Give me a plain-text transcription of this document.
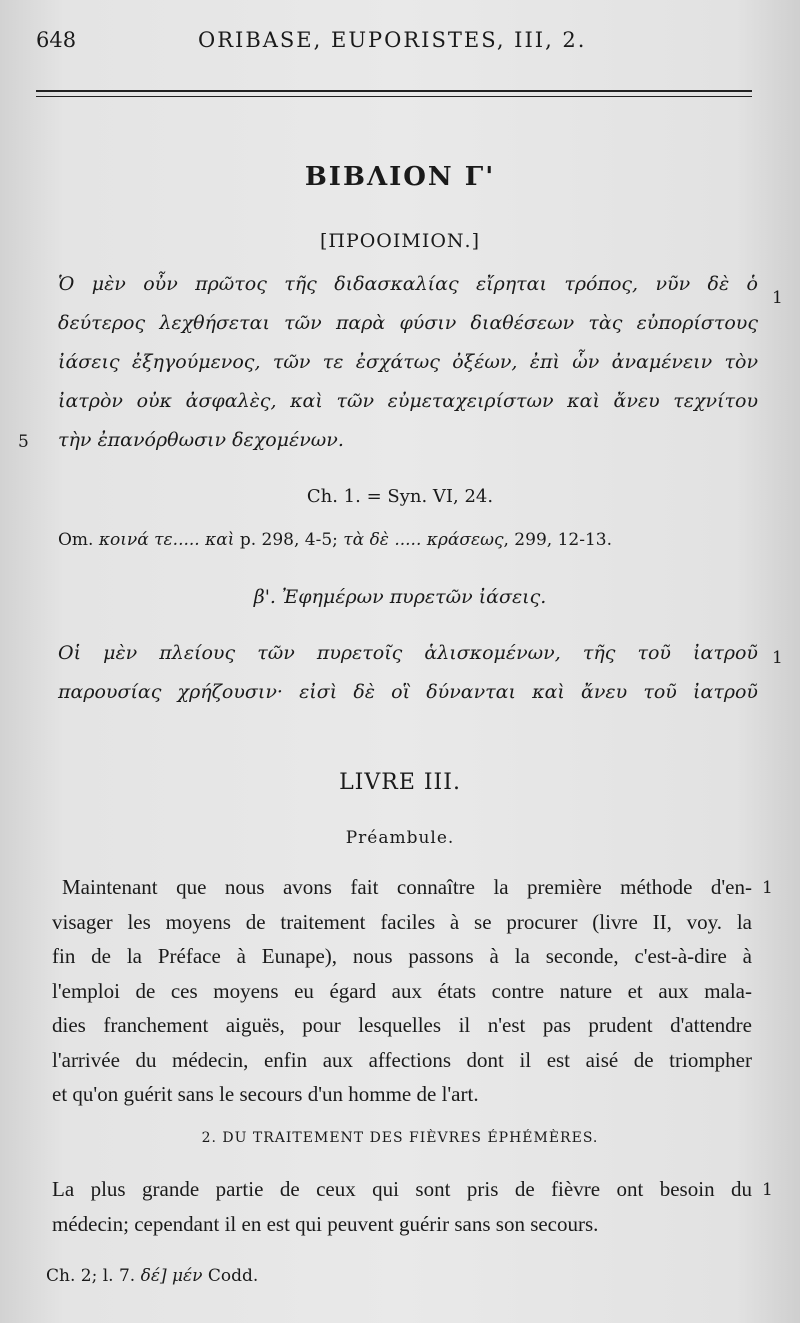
648	ORIBASE, EUPORISTES, III, 2.
ΒΙΒΛΙΟΝ Γ'
[ΠΡΟΟΙΜΙΟΝ.]
Ὁ μὲν οὖν πρῶτος τῆς διδασκαλίας εἴρηται τρόπος, νῦν δὲ ὁ
δεύτερος λεχθήσεται τῶν παρὰ φύσιν διαθέσεων τὰς εὐπορίστους
ἰάσεις ἐξηγούμενος, τῶν τε ἐσχάτως ὀξέων, ἐπὶ ὧν ἀναμένειν τὸν
ἰατρὸν οὐκ ἀσφαλὲς, καὶ τῶν εὐμεταχειρίστων καὶ ἄνευ τεχνίτου
τὴν ἐπανόρθωσιν δεχομένων.
1
5
Ch. 1. = Syn. VI, 24.
Om. κοινά τε..... καὶ p. 298, 4-5; τὰ δὲ ..... κράσεως, 299, 12-13.
β'. Ἐφημέρων πυρετῶν ἰάσεις.
Οἱ μὲν πλείους τῶν πυρετοῖς ἁλισκομένων, τῆς τοῦ ἰατροῦ
παρουσίας χρήζουσιν· εἰσὶ δὲ οἳ δύνανται καὶ ἄνευ τοῦ ἰατροῦ
1
LIVRE III.
Préambule.
Maintenant que nous avons fait connaître la première méthode d'en-
visager les moyens de traitement faciles à se procurer (livre II, voy. la
fin de la Préface à Eunape), nous passons à la seconde, c'est-à-dire à
l'emploi de ces moyens eu égard aux états contre nature et aux mala-
dies franchement aiguës, pour lesquelles il n'est pas prudent d'attendre
l'arrivée du médecin, enfin aux affections dont il est aisé de triompher
et qu'on guérit sans le secours d'un homme de l'art.
1
2. DU TRAITEMENT DES FIÈVRES ÉPHÉMÈRES.
La plus grande partie de ceux qui sont pris de fièvre ont besoin du
médecin; cependant il en est qui peuvent guérir sans son secours.
1
Ch. 2; l. 7. δέ] μέν Codd.
